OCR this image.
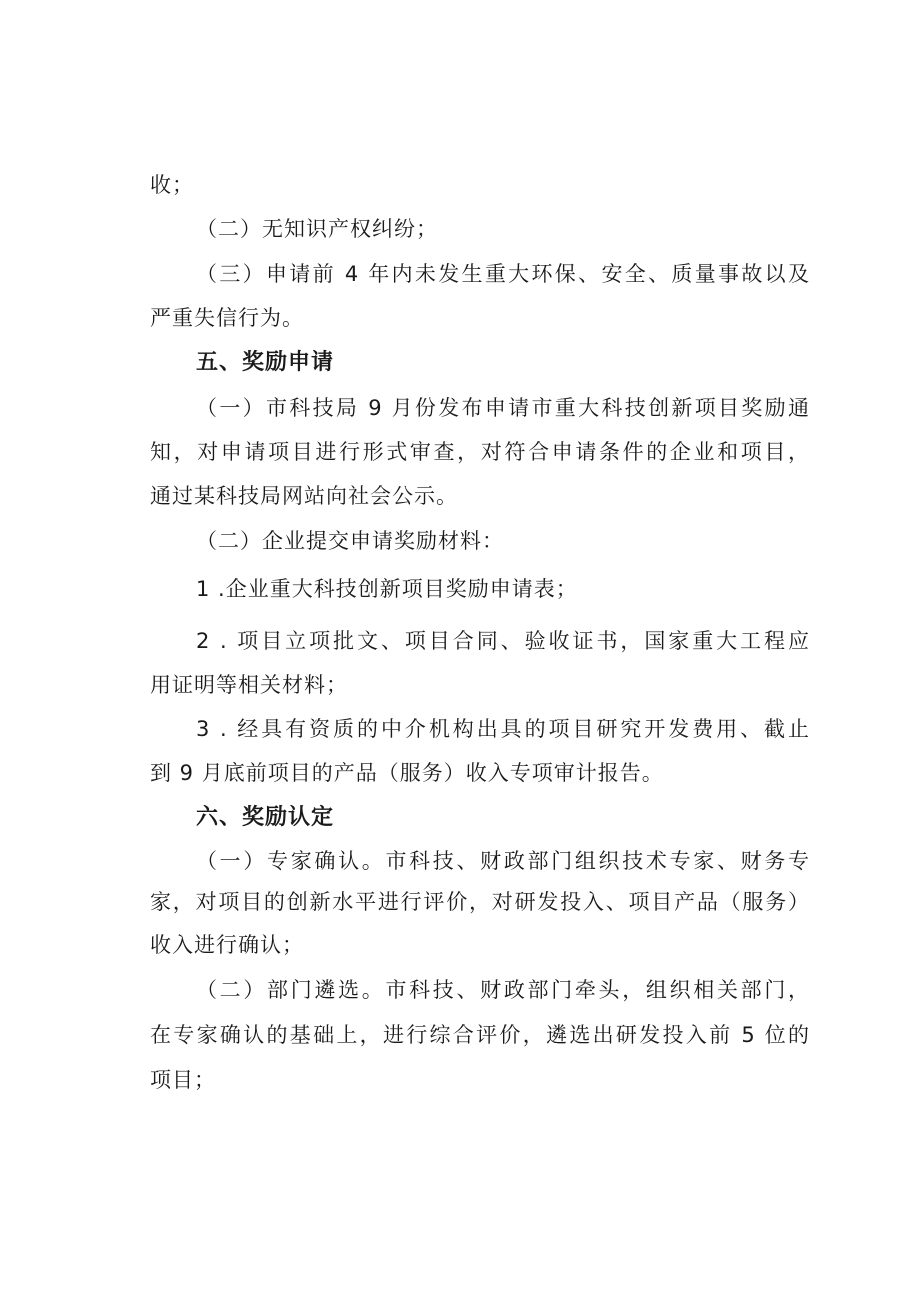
收；
（二）无知识产权纠纷；
（三）申请前 4 年内未发生重大环保、安全、质量事故以及
严重失信行为。
五、奖励申请
（一）市科技局 9 月份发布申请市重大科技创新项目奖励通
知，对申请项目进行形式审查，对符合申请条件的企业和项目，
通过某科技局网站向社会公示。
（二）企业提交申请奖励材料：
1 .企业重大科技创新项目奖励申请表；
2 . 项目立项批文、项目合同、验收证书，国家重大工程应
用证明等相关材料；
3 . 经具有资质的中介机构出具的项目研究开发费用、截止
到 9 月底前项目的产品（服务）收入专项审计报告。
六、奖励认定
（一）专家确认。市科技、财政部门组织技术专家、财务专
家，对项目的创新水平进行评价，对研发投入、项目产品（服务）
收入进行确认；
（二）部门遴选。市科技、财政部门牵头，组织相关部门，
在专家确认的基础上，进行综合评价，遴选出研发投入前 5 位的
项目；
